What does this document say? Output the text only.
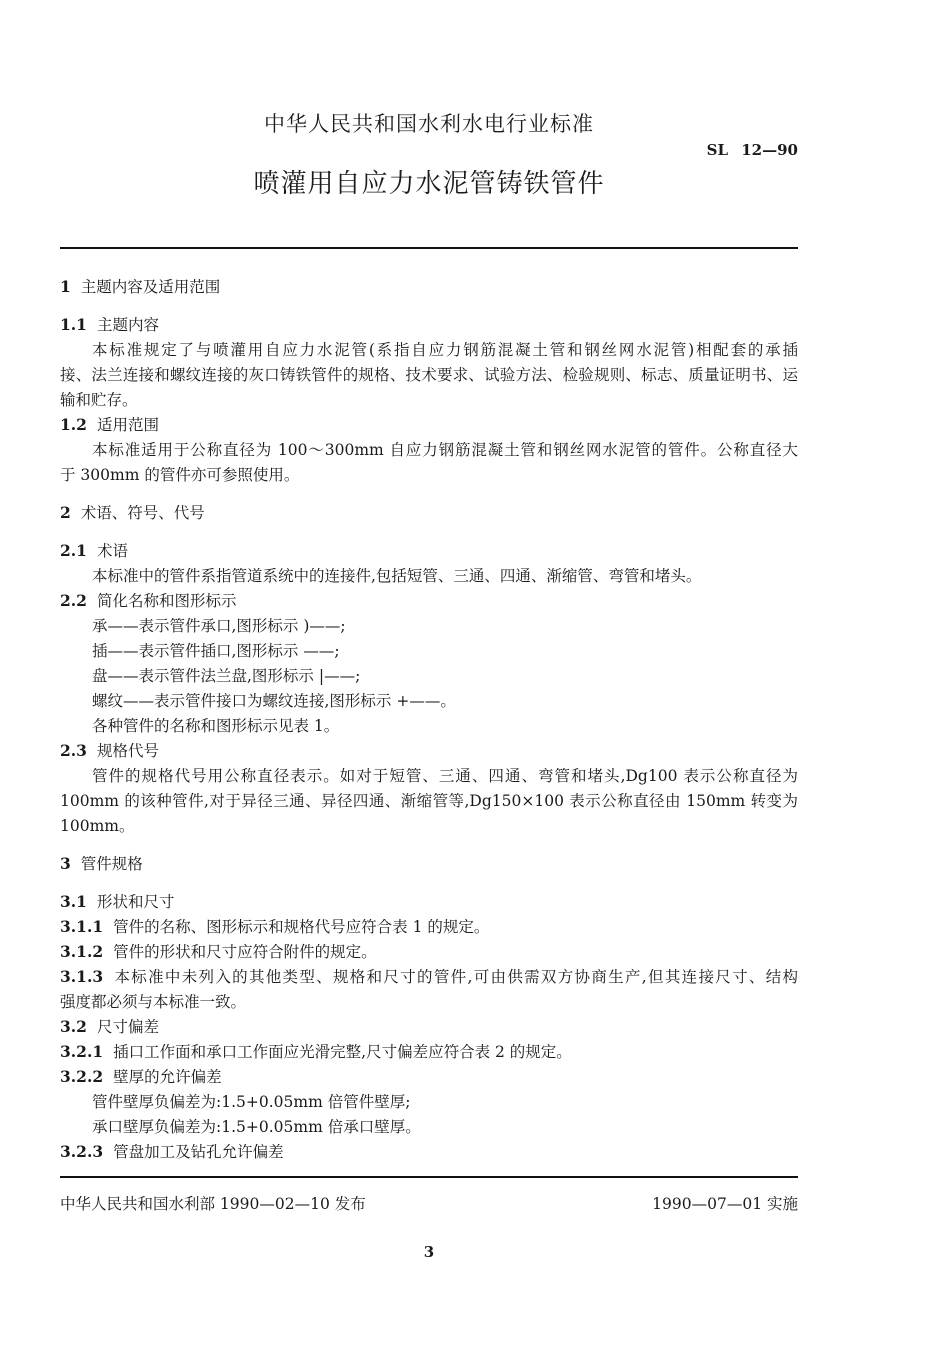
中华人民共和国水利水电行业标准
SL 12—90
喷灌用自应力水泥管铸铁管件
1 主题内容及适用范围
1.1 主题内容
本标准规定了与喷灌用自应力水泥管(系指自应力钢筋混凝土管和钢丝网水泥管)相配套的承插
接、法兰连接和螺纹连接的灰口铸铁管件的规格、技术要求、试验方法、检验规则、标志、质量证明书、运
输和贮存。
1.2 适用范围
本标准适用于公称直径为 100～300mm 自应力钢筋混凝土管和钢丝网水泥管的管件。公称直径大
于 300mm 的管件亦可参照使用。
2 术语、符号、代号
2.1 术语
本标准中的管件系指管道系统中的连接件,包括短管、三通、四通、渐缩管、弯管和堵头。
2.2 简化名称和图形标示
承——表示管件承口,图形标示 )——;
插——表示管件插口,图形标示 ——;
盘——表示管件法兰盘,图形标示 |——;
螺纹——表示管件接口为螺纹连接,图形标示 +——。
各种管件的名称和图形标示见表 1。
2.3 规格代号
管件的规格代号用公称直径表示。如对于短管、三通、四通、弯管和堵头,Dg100 表示公称直径为
100mm 的该种管件,对于异径三通、异径四通、渐缩管等,Dg150×100 表示公称直径由 150mm 转变为
100mm。
3 管件规格
3.1 形状和尺寸
3.1.1 管件的名称、图形标示和规格代号应符合表 1 的规定。
3.1.2 管件的形状和尺寸应符合附件的规定。
3.1.3 本标准中未列入的其他类型、规格和尺寸的管件,可由供需双方协商生产,但其连接尺寸、结构
强度都必须与本标准一致。
3.2 尺寸偏差
3.2.1 插口工作面和承口工作面应光滑完整,尺寸偏差应符合表 2 的规定。
3.2.2 壁厚的允许偏差
管件壁厚负偏差为:1.5+0.05mm 倍管件壁厚;
承口壁厚负偏差为:1.5+0.05mm 倍承口壁厚。
3.2.3 管盘加工及钻孔允许偏差
中华人民共和国水利部 1990—02—10 发布	1990—07—01 实施
3
